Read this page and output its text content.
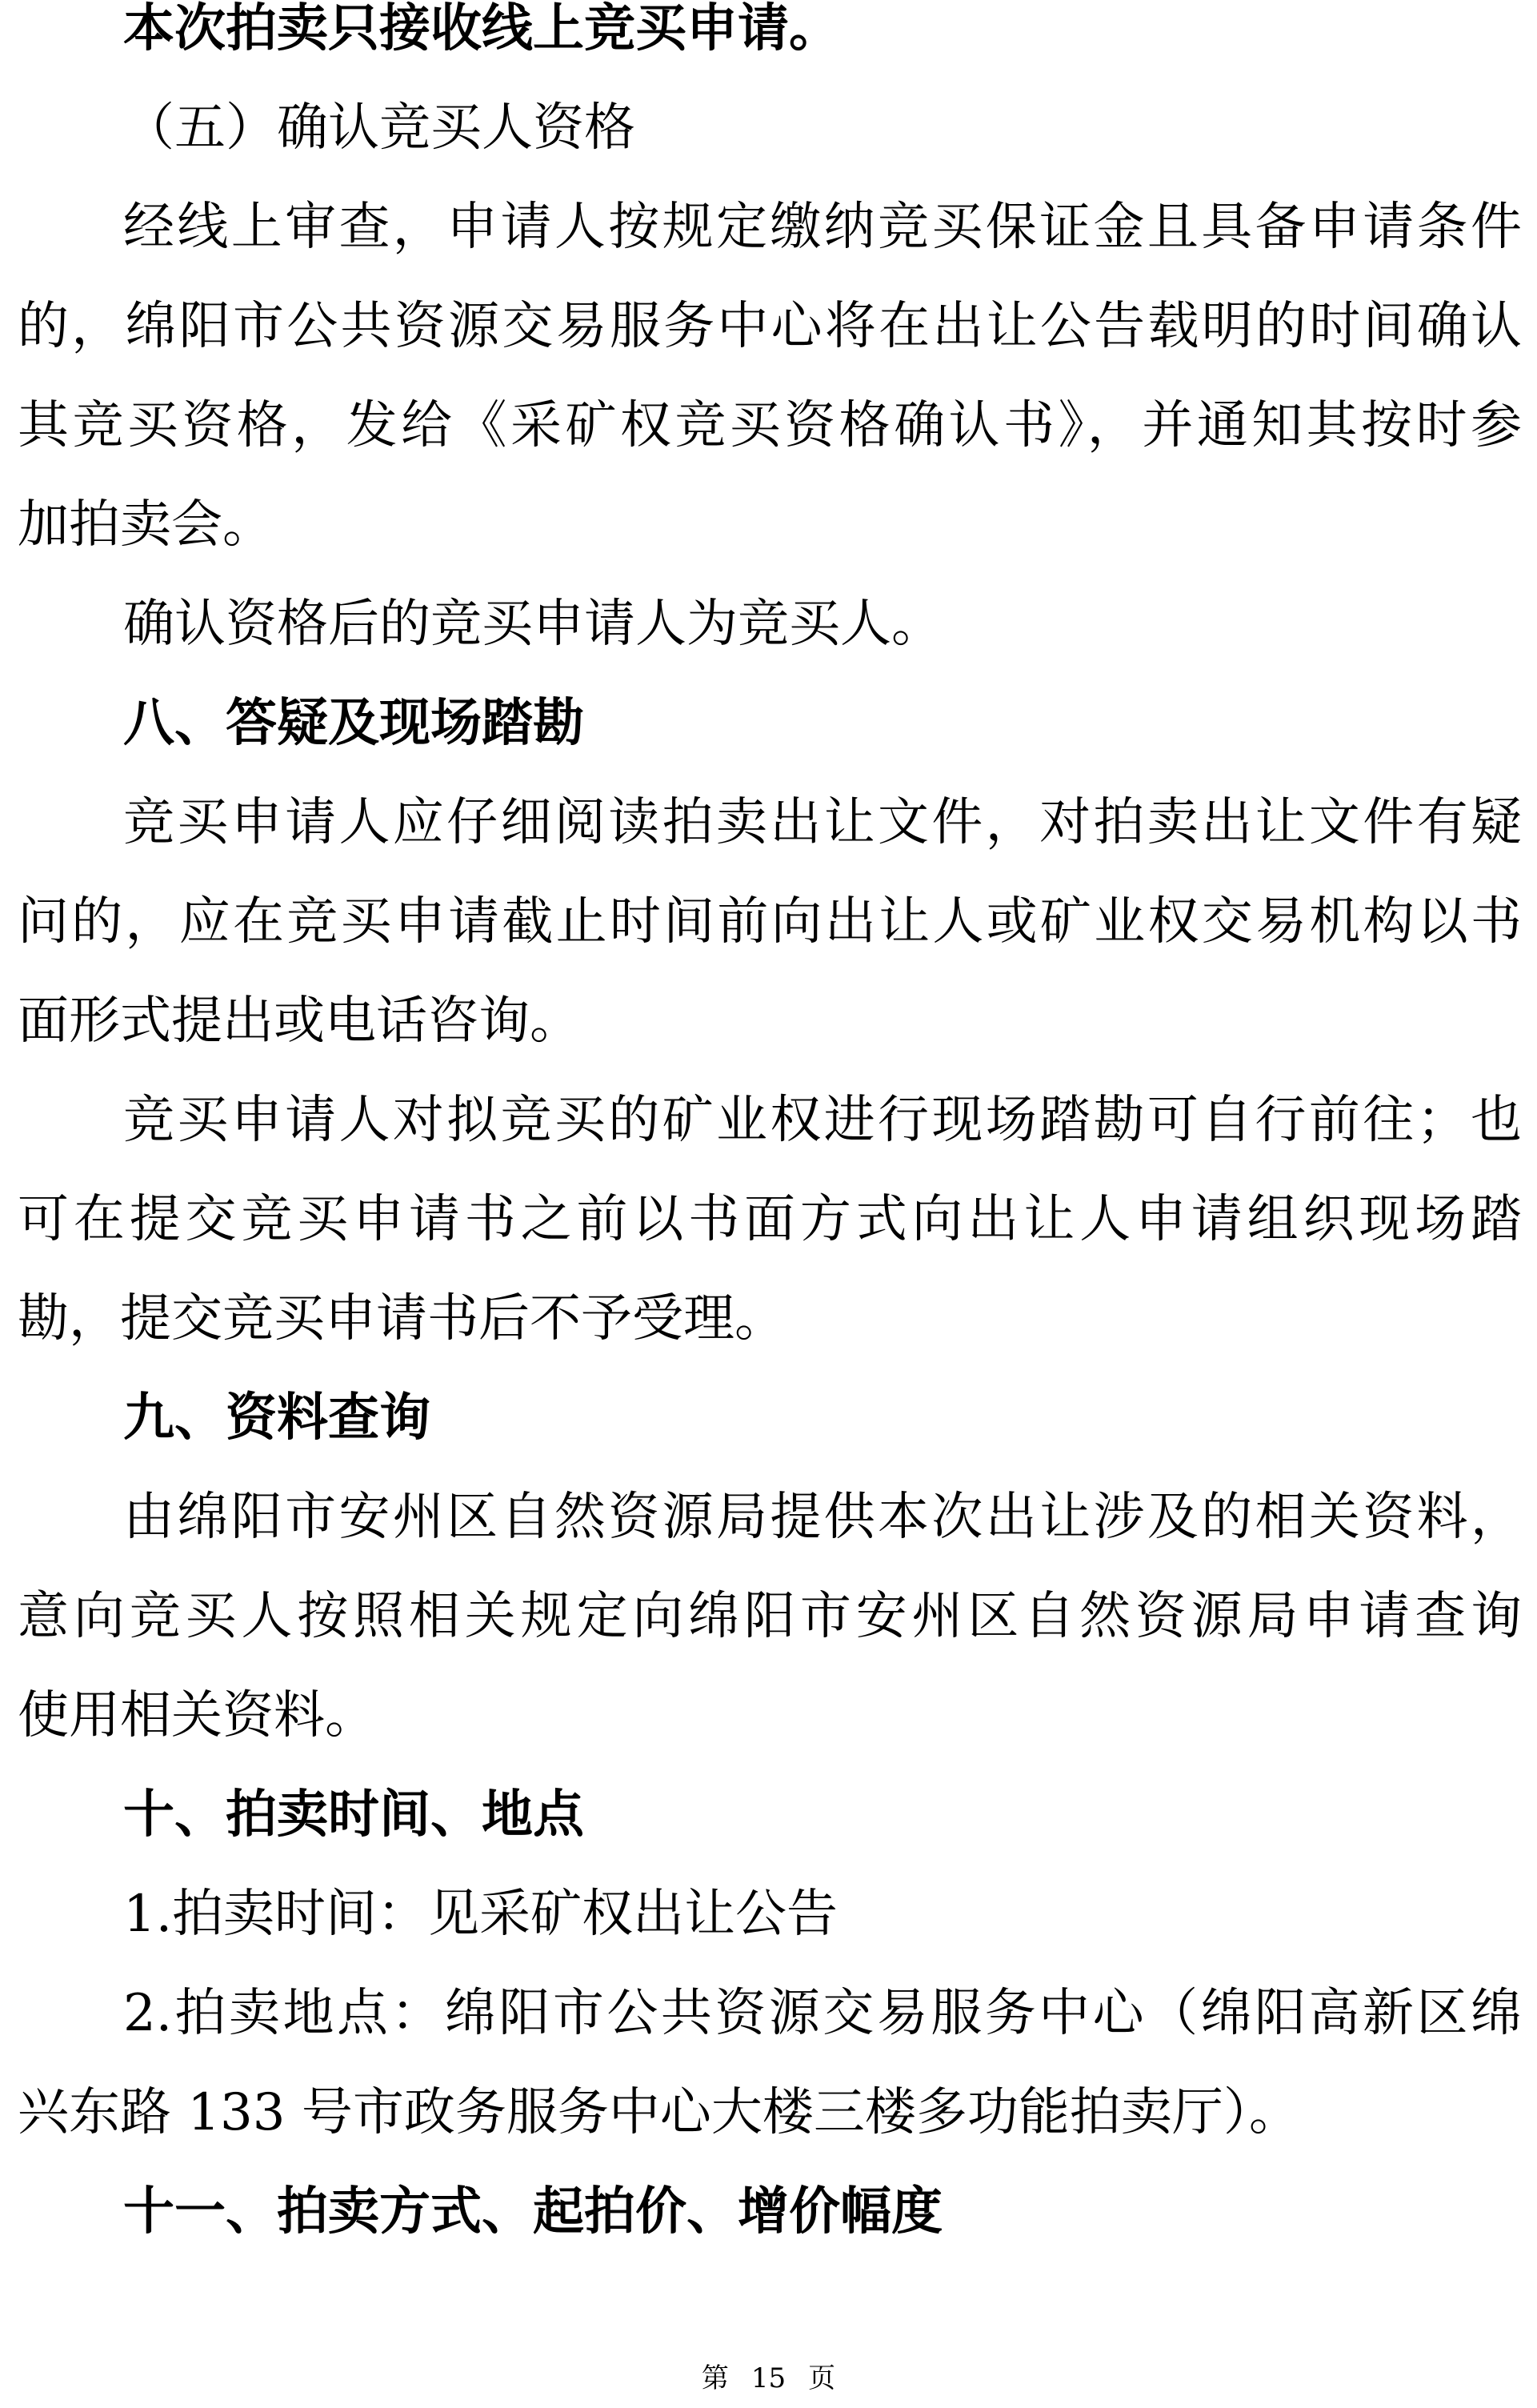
本次拍卖只接收线上竞买申请。
（五）确认竞买人资格
经线上审查，申请人按规定缴纳竞买保证金且具备申请条件
的，绵阳市公共资源交易服务中心将在出让公告载明的时间确认
其竞买资格，发给《采矿权竞买资格确认书》，并通知其按时参
加拍卖会。
确认资格后的竞买申请人为竞买人。
八、答疑及现场踏勘
竞买申请人应仔细阅读拍卖出让文件，对拍卖出让文件有疑
问的，应在竞买申请截止时间前向出让人或矿业权交易机构以书
面形式提出或电话咨询。
竞买申请人对拟竞买的矿业权进行现场踏勘可自行前往；也
可在提交竞买申请书之前以书面方式向出让人申请组织现场踏
勘，提交竞买申请书后不予受理。
九、资料查询
由绵阳市安州区自然资源局提供本次出让涉及的相关资料，
意向竞买人按照相关规定向绵阳市安州区自然资源局申请查询
使用相关资料。
十、拍卖时间、地点
1.拍卖时间：见采矿权出让公告
2.拍卖地点：绵阳市公共资源交易服务中心（绵阳高新区绵
兴东路 133 号市政务服务中心大楼三楼多功能拍卖厅）。
十一、拍卖方式、起拍价、增价幅度
第 15 页
